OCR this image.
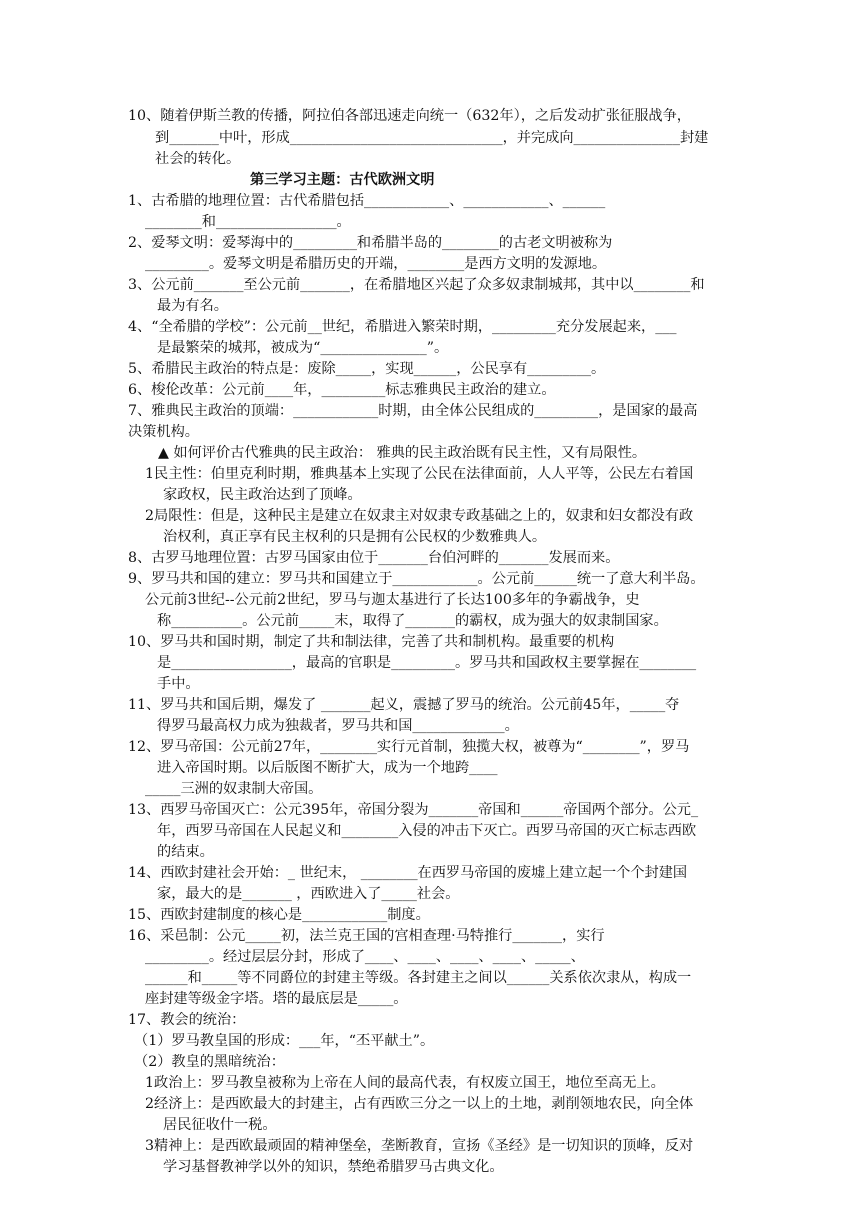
10、随着伊斯兰教的传播，阿拉伯各部迅速走向统一（632年），之后发动扩张征服战争，
到_______中叶，形成______________________________，并完成向_______________封建
社会的转化。
第三学习主题：古代欧洲文明
1、古希腊的地理位置：古代希腊包括____________、____________、______
________和_________________。
2、爱琴文明：爱琴海中的_________和希腊半岛的________的古老文明被称为
_________。爱琴文明是希腊历史的开端，________是西方文明的发源地。
3、公元前_______至公元前_______，在希腊地区兴起了众多奴隶制城邦，其中以________和
最为有名。
4、“全希腊的学校”：公元前__世纪，希腊进入繁荣时期，_________充分发展起来，___
是最繁荣的城邦，被成为“_______________”。
5、希腊民主政治的特点是：废除_____，实现______，公民享有_________。
6、梭伦改革：公元前____年，_________标志雅典民主政治的建立。
7、雅典民主政治的顶端：____________时期，由全体公民组成的_________，是国家的最高
决策机构。
▲ 如何评价古代雅典的民主政治： 雅典的民主政治既有民主性，又有局限性。
1民主性：伯里克利时期，雅典基本上实现了公民在法律面前，人人平等，公民左右着国
家政权，民主政治达到了顶峰。
2局限性：但是，这种民主是建立在奴隶主对奴隶专政基础之上的，奴隶和妇女都没有政
治权利，真正享有民主权利的只是拥有公民权的少数雅典人。
8、古罗马地理位置：古罗马国家由位于_______台伯河畔的_______发展而来。
9、罗马共和国的建立：罗马共和国建立于____________。公元前______统一了意大利半岛。
公元前3世纪--公元前2世纪，罗马与迦太基进行了长达100多年的争霸战争，史
称__________。公元前_____末，取得了_______的霸权，成为强大的奴隶制国家。
10、罗马共和国时期，制定了共和制法律，完善了共和制机构。最重要的机构
是_________________，最高的官职是_________。罗马共和国政权主要掌握在________
手中。
11、罗马共和国后期，爆发了 _______起义，震撼了罗马的统治。公元前45年，_____夺
得罗马最高权力成为独裁者，罗马共和国_____________。
12、罗马帝国：公元前27年，________实行元首制，独揽大权，被尊为“________”，罗马
进入帝国时期。以后版图不断扩大，成为一个地跨____
_____三洲的奴隶制大帝国。
13、西罗马帝国灭亡：公元395年，帝国分裂为_______帝国和______帝国两个部分。公元_
年，西罗马帝国在人民起义和________入侵的冲击下灭亡。西罗马帝国的灭亡标志西欧
的结束。
14、西欧封建社会开始：_ 世纪末， ________在西罗马帝国的废墟上建立起一个个封建国
家，最大的是_______ ，西欧进入了_____社会。
15、西欧封建制度的核心是____________制度。
16、采邑制：公元_____初，法兰克王国的宫相查理·马特推行_______，实行
_________。经过层层分封，形成了____、____、____、____、_____、
______和_____等不同爵位的封建主等级。各封建主之间以______关系依次隶从，构成一
座封建等级金字塔。塔的最底层是_____。
17、教会的统治：
（1）罗马教皇国的形成：___年，“丕平献土”。
（2）教皇的黑暗统治：
1政治上：罗马教皇被称为上帝在人间的最高代表，有权废立国王，地位至高无上。
2经济上：是西欧最大的封建主，占有西欧三分之一以上的土地，剥削领地农民，向全体
居民征收什一税。
3精神上：是西欧最顽固的精神堡垒，垄断教育，宣扬《圣经》是一切知识的顶峰，反对
学习基督教神学以外的知识，禁绝希腊罗马古典文化。
